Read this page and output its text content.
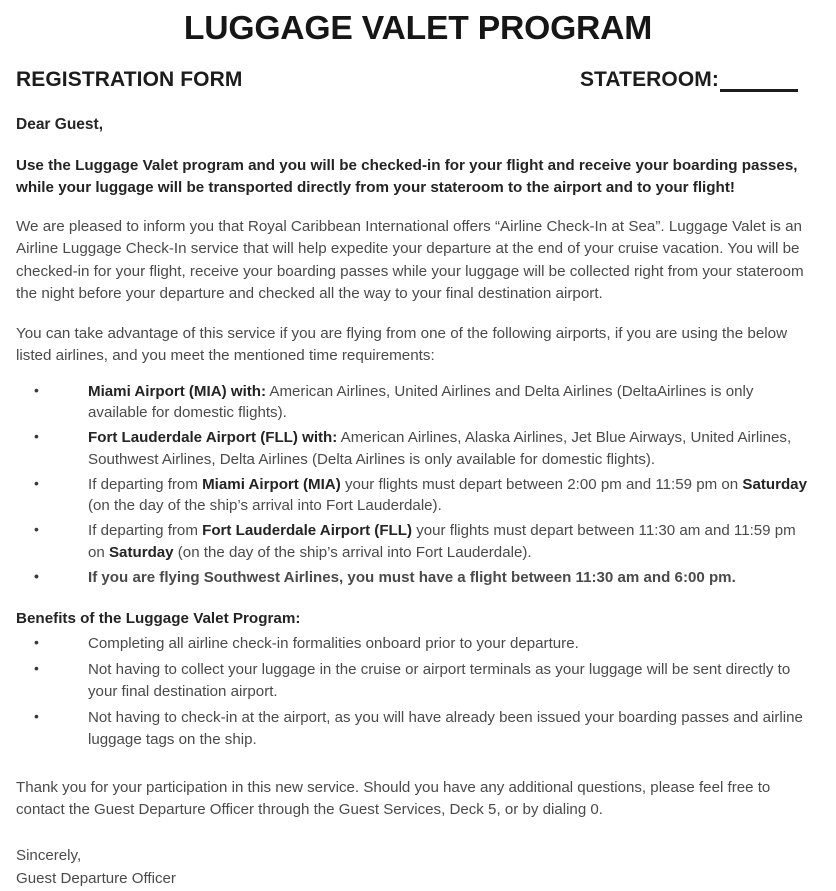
LUGGAGE VALET PROGRAM
REGISTRATION FORM	STATEROOM:
Dear Guest,
Use the Luggage Valet program and you will be checked-in for your flight and receive your boarding passes, while your luggage will be transported directly from your stateroom to the airport and to your flight!

We are pleased to inform you that Royal Caribbean International offers “Airline Check-In at Sea”. Luggage Valet is an Airline Luggage Check-In service that will help expedite your departure at the end of your cruise vacation. You will be checked-in for your flight, receive your boarding passes while your luggage will be collected right from your stateroom the night before your departure and checked all the way to your final destination airport.

You can take advantage of this service if you are flying from one of the following airports, if you are using the below listed airlines, and you meet the mentioned time requirements:

• Miami Airport (MIA) with: American Airlines, United Airlines and Delta Airlines (DeltaAirlines is only available for domestic flights).
• Fort Lauderdale Airport (FLL) with: American Airlines, Alaska Airlines, Jet Blue Airways, United Airlines, Southwest Airlines, Delta Airlines (Delta Airlines is only available for domestic flights).
• If departing from Miami Airport (MIA) your flights must depart between 2:00 pm and 11:59 pm on Saturday (on the day of the ship’s arrival into Fort Lauderdale).
• If departing from Fort Lauderdale Airport (FLL) your flights must depart between 11:30 am and 11:59 pm on Saturday (on the day of the ship’s arrival into Fort Lauderdale).
• If you are flying Southwest Airlines, you must have a flight between 11:30 am and 6:00 pm.
Benefits of the Luggage Valet Program:
• Completing all airline check-in formalities onboard prior to your departure.
• Not having to collect your luggage in the cruise or airport terminals as your luggage will be sent directly to your final destination airport.
• Not having to check-in at the airport, as you will have already been issued your boarding passes and airline luggage tags on the ship.

Thank you for your participation in this new service. Should you have any additional questions, please feel free to contact the Guest Departure Officer through the Guest Services, Deck 5, or by dialing 0.

Sincerely,
Guest Departure Officer
